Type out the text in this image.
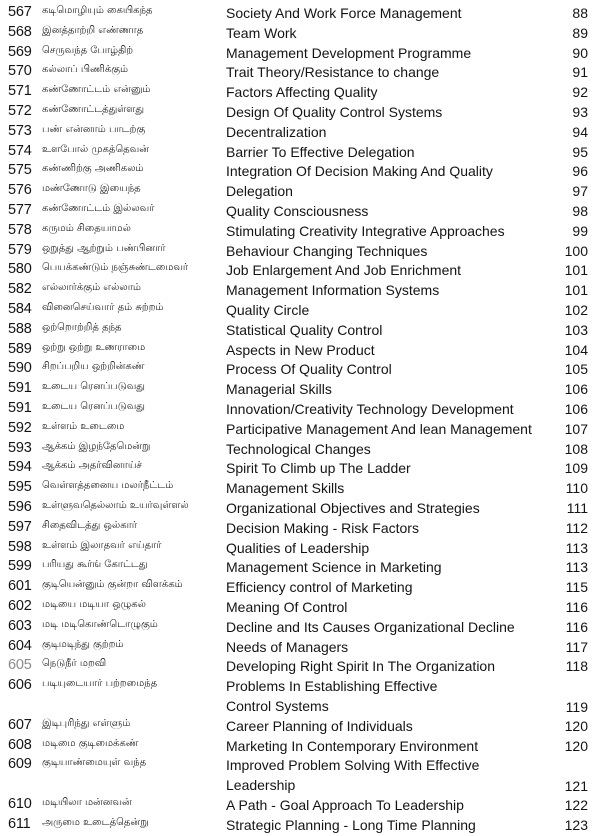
567 கடிமொழியும் கையிகந்த	Society And Work Force Management	88
568 இனத்தாற்றி எண்ணாத	Team Work	89
569 செருவந்த போழ்திற்	Management Development Programme	90
570 கல்லாப் பிணிக்கும்	Trait Theory/Resistance to change	91
571 கண்ணோட்டம் என்னும்	Factors Affecting Quality	92
572 கண்ணோட்டத்துள்ளது	Design Of Quality Control Systems	93
573 பண் என்னாம் பாடற்கு	Decentralization	94
574 உளபோல் முகத்தெவன்	Barrier To Effective Delegation	95
575 கண்ணிற்கு அணிகலம்	Integration Of Decision Making And Quality	96
576 மண்ணோடு இயைந்த	Delegation	97
577 கண்ணோட்டம் இல்லவர்	Quality Consciousness	98
578 கருமம் சிதையாமல்	Stimulating Creativity Integrative Approaches	99
579 ஒறுத்து ஆற்றும் பண்பினார்	Behaviour Changing Techniques	100
580 பெயக்கண்டும் நஞ்சுண்டமைவர்	Job Enlargement And Job Enrichment	101
582 எல்லார்க்கும் எல்லாம்	Management Information Systems	101
584 வினைசெய்வார் தம் சுற்றம்	Quality Circle	102
588 ஒற்றொற்றித் தந்த	Statistical Quality Control	103
589 ஒற்று ஒற்று உணராமை	Aspects in New Product	104
590 சிறப்பறிய ஒற்றின்கண்	Process Of Quality Control	105
591 உடைய ரெனப்படுவது	Managerial Skills	106
591 உடைய ரெனப்படுவது	Innovation/Creativity Technology Development	106
592 உள்ளம் உடைமை	Participative Management And lean Management	107
593 ஆக்கம் இழந்தேமென்று	Technological Changes	108
594 ஆக்கம் அதர்வினாய்ச்	Spirit To Climb up The Ladder	109
595 வெள்ளத்தனைய மலர்நீட்டம்	Management Skills	110
596 உள்ளுவதெல்லாம் உயர்வுள்ளல்	Organizational Objectives and Strategies	111
597 சிதைவிடத்து ஒல்கார்	Decision Making - Risk Factors	112
598 உள்ளம் இலாதவர் எய்தார்	Qualities of Leadership	113
599 பரியது கூர்ங் கோட்டது	Management Science in Marketing	113
601 குடியென்னும் குன்றா விளக்கம்	Efficiency control of Marketing	115
602 மடியை மடியா ஒழுகல்	Meaning Of Control	116
603 மடி மடிகொண்டொழுகும்	Decline and Its Causes Organizational Decline	116
604 குடிமடிந்து குற்றம்	Needs of Managers	117
605 நெடுநீர் மறவி	Developing Right Spirit In The Organization	118
606 படியுடையார் பற்றமைந்த	Problems In Establishing Effective
Control Systems	119
607 இடிபுரிந்து எள்ளும்	Career Planning of Individuals	120
608 மடிமை குடிமைக்கண்	Marketing In Contemporary Environment	120
609 குடியாண்மையுள் வந்த	Improved Problem Solving With Effective
Leadership	121
610 மடியிலா மன்னவன்	A Path - Goal Approach To Leadership	122
611 அருமை உடைத்தென்று	Strategic Planning - Long Time Planning	123
